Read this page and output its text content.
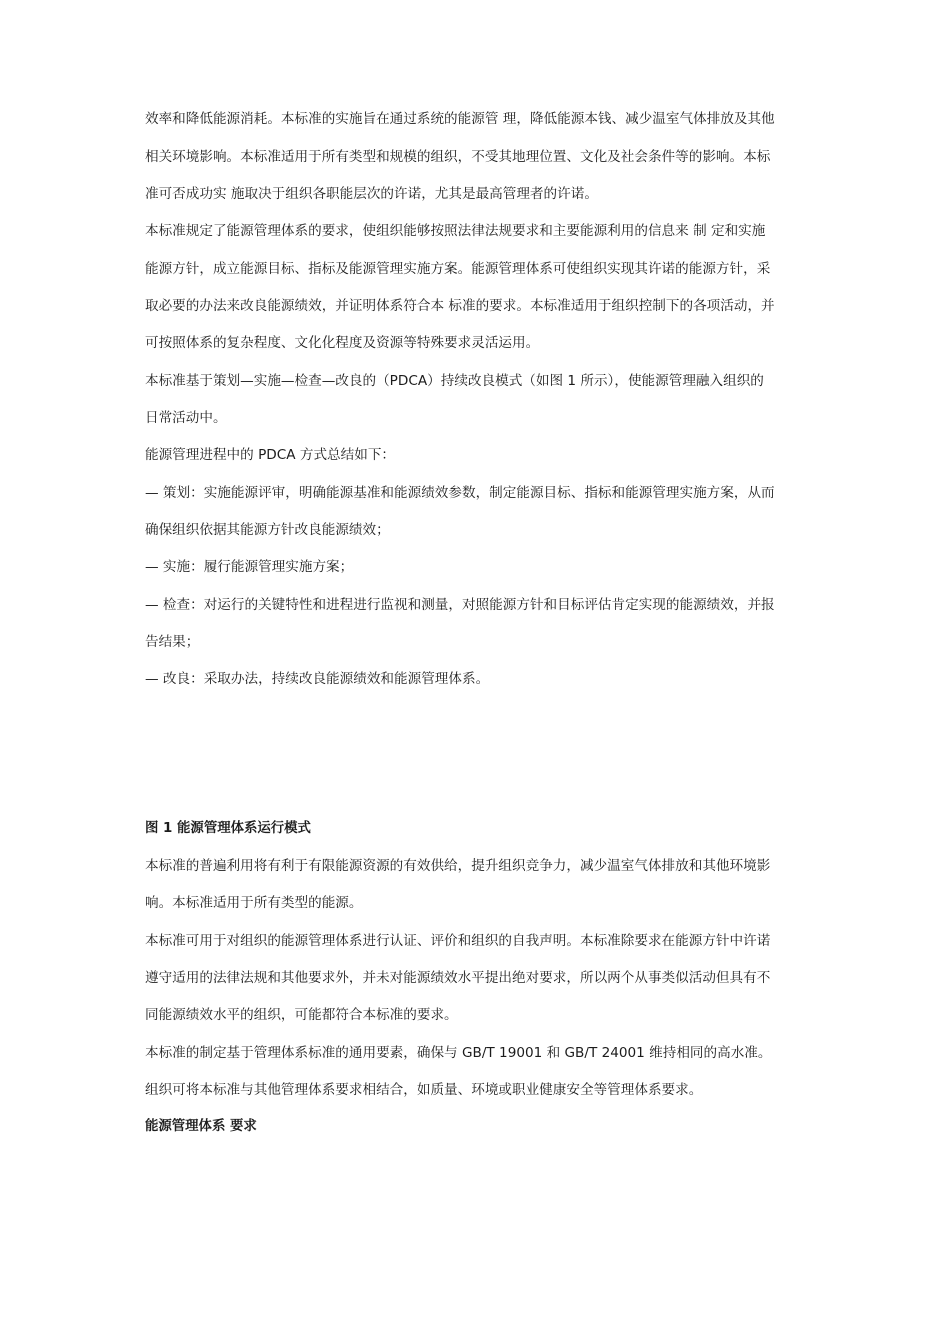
效率和降低能源消耗。本标准的实施旨在通过系统的能源管 理，降低能源本钱、减少温室气体排放及其他
相关环境影响。本标准适用于所有类型和规模的组织，不受其地理位置、文化及社会条件等的影响。本标
准可否成功实 施取决于组织各职能层次的许诺，尤其是最高管理者的许诺。
本标准规定了能源管理体系的要求，使组织能够按照法律法规要求和主要能源利用的信息来 制 定和实施
能源方针，成立能源目标、指标及能源管理实施方案。能源管理体系可使组织实现其许诺的能源方针，采
取必要的办法来改良能源绩效，并证明体系符合本 标准的要求。本标准适用于组织控制下的各项活动，并
可按照体系的复杂程度、文化化程度及资源等特殊要求灵活运用。
本标准基于策划—实施—检查—改良的（PDCA）持续改良模式（如图 1 所示），使能源管理融入组织的
日常活动中。
能源管理进程中的 PDCA 方式总结如下：
— 策划：实施能源评审，明确能源基准和能源绩效参数，制定能源目标、指标和能源管理实施方案，从而
确保组织依据其能源方针改良能源绩效；
— 实施：履行能源管理实施方案；
— 检查：对运行的关键特性和进程进行监视和测量，对照能源方针和目标评估肯定实现的能源绩效，并报
告结果；
— 改良：采取办法，持续改良能源绩效和能源管理体系。
图 1 能源管理体系运行模式
本标准的普遍利用将有利于有限能源资源的有效供给，提升组织竞争力，减少温室气体排放和其他环境影
响。本标准适用于所有类型的能源。
本标准可用于对组织的能源管理体系进行认证、评价和组织的自我声明。本标准除要求在能源方针中许诺
遵守适用的法律法规和其他要求外，并未对能源绩效水平提出绝对要求，所以两个从事类似活动但具有不
同能源绩效水平的组织，可能都符合本标准的要求。
本标准的制定基于管理体系标准的通用要素，确保与 GB/T 19001 和 GB/T 24001 维持相同的高水准。
组织可将本标准与其他管理体系要求相结合，如质量、环境或职业健康安全等管理体系要求。
能源管理体系 要求
